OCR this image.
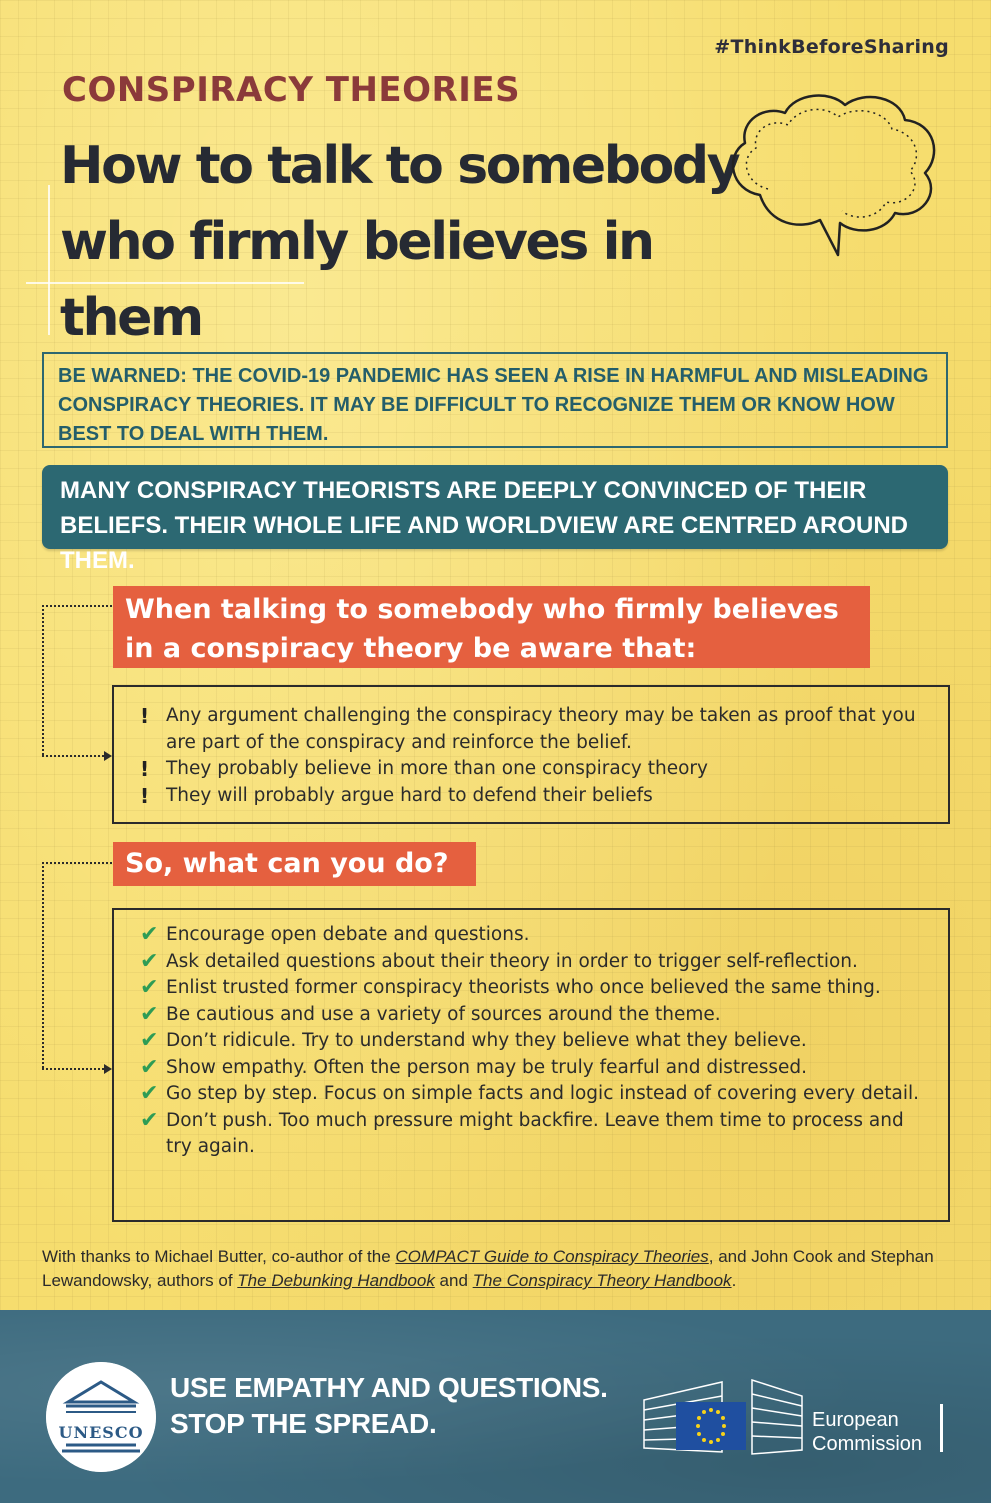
#ThinkBeforeSharing
CONSPIRACY THEORIES
How to talk to somebody who firmly believes in them
BE WARNED: THE COVID-19 PANDEMIC HAS SEEN A RISE IN HARMFUL AND MISLEADING CONSPIRACY THEORIES. IT MAY BE DIFFICULT TO RECOGNIZE THEM OR KNOW HOW BEST TO DEAL WITH THEM.
MANY CONSPIRACY THEORISTS ARE DEEPLY CONVINCED OF THEIR BELIEFS. THEIR WHOLE LIFE AND WORLDVIEW ARE CENTRED AROUND THEM.
When talking to somebody who firmly believes in a conspiracy theory be aware that:
! Any argument challenging the conspiracy theory may be taken as proof that you are part of the conspiracy and reinforce the belief.
! They probably believe in more than one conspiracy theory
! They will probably argue hard to defend their beliefs
So, what can you do?
✔ Encourage open debate and questions.
✔ Ask detailed questions about their theory in order to trigger self-reflection.
✔ Enlist trusted former conspiracy theorists who once believed the same thing.
✔ Be cautious and use a variety of sources around the theme.
✔ Don’t ridicule. Try to understand why they believe what they believe.
✔ Show empathy. Often the person may be truly fearful and distressed.
✔ Go step by step. Focus on simple facts and logic instead of covering every detail.
✔ Don’t push. Too much pressure might backfire. Leave them time to process and try again.
With thanks to Michael Butter, co-author of the COMPACT Guide to Conspiracy Theories, and John Cook and Stephan Lewandowsky, authors of The Debunking Handbook and The Conspiracy Theory Handbook.
UNESCO
USE EMPATHY AND QUESTIONS.
STOP THE SPREAD.	European
Commission
